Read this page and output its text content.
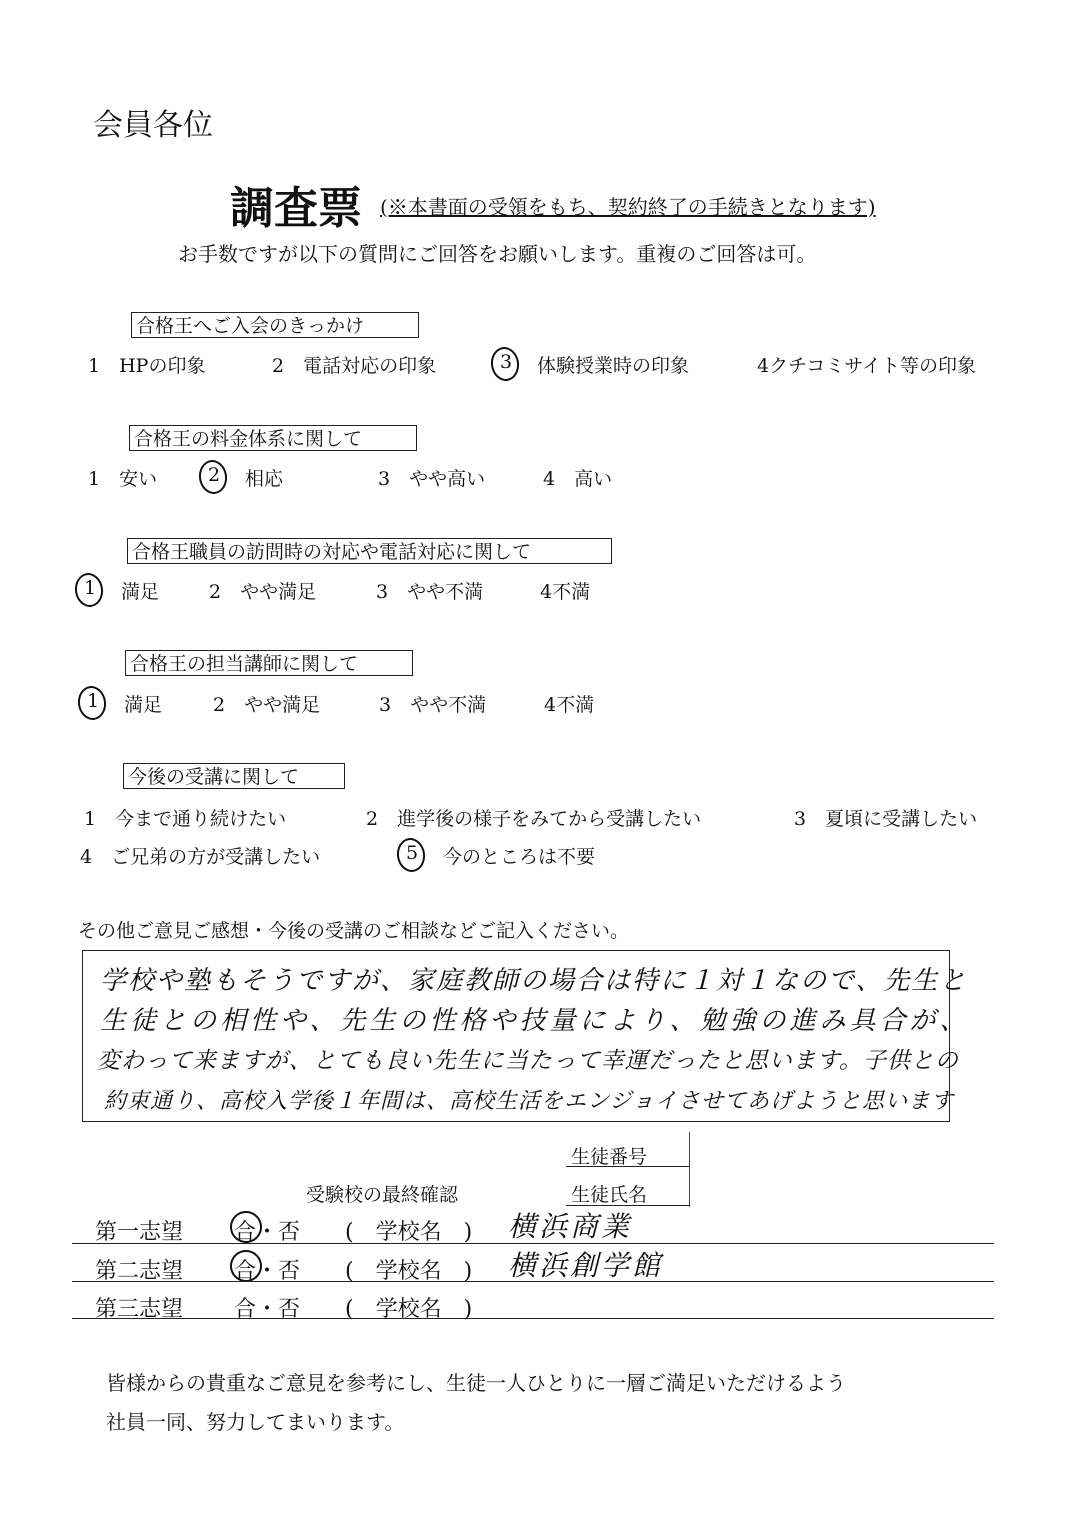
会員各位
調査票 (※本書面の受領をもち、契約終了の手続きとなります)
お手数ですが以下の質問にご回答をお願いします。重複のご回答は可。
合格王へご入会のきっかけ
1　HPの印象	2　電話対応の印象	3 体験授業時の印象	4クチコミサイト等の印象
合格王の料金体系に関して
1　安い	2 相応	3　やや高い	4　高い
合格王職員の訪問時の対応や電話対応に関して
1 満足	2　やや満足	3　やや不満	4不満
合格王の担当講師に関して
1 満足	2　やや満足	3　やや不満	4不満
今後の受講に関して
1　今まで通り続けたい	2　進学後の様子をみてから受講したい	3　夏頃に受講したい
4　ご兄弟の方が受講したい	5 今のところは不要
その他ご意見ご感想・今後の受講のご相談などご記入ください。
学校や塾もそうですが、家庭教師の場合は特に１対１なので、先生と
生徒との相性や、先生の性格や技量により、勉強の進み具合が、
変わって来ますが、とても良い先生に当たって幸運だったと思います。子供との
約束通り、高校入学後１年間は、高校生活をエンジョイさせてあげようと思います
生徒番号
受験校の最終確認	生徒氏名
第一志望 合・否 (　学校名　) 横浜商業
第二志望 合・否 (　学校名　) 横浜創学館
第三志望 合・否 (　学校名　)
皆様からの貴重なご意見を参考にし、生徒一人ひとりに一層ご満足いただけるよう
社員一同、努力してまいります。
